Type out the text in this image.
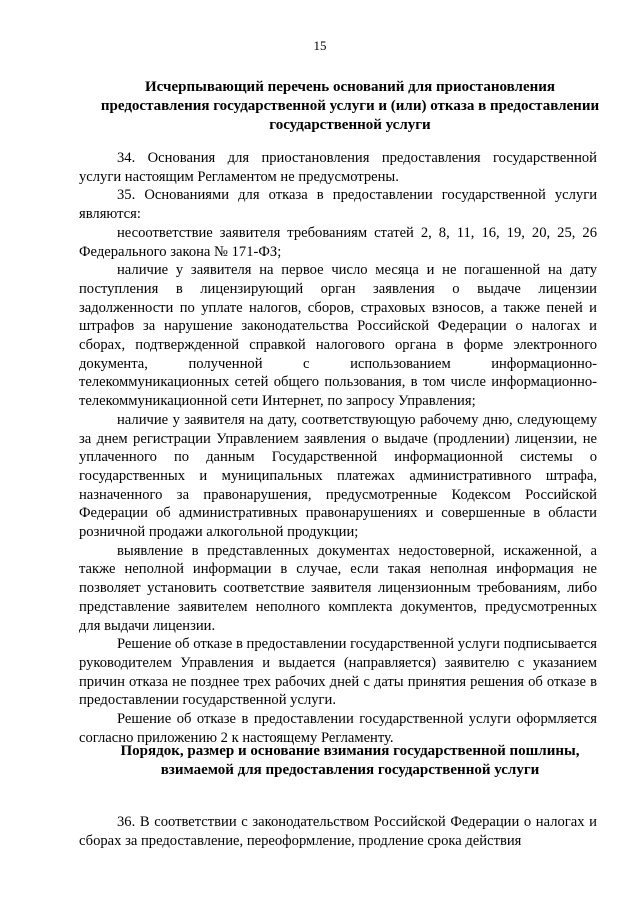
15
Исчерпывающий перечень оснований для приостановления предоставления государственной услуги и (или) отказа в предоставлении государственной услуги

34. Основания для приостановления предоставления государственной услуги настоящим Регламентом не предусмотрены.

35. Основаниями для отказа в предоставлении государственной услуги являются:

несоответствие заявителя требованиям статей 2, 8, 11, 16, 19, 20, 25, 26 Федерального закона № 171-ФЗ;

наличие у заявителя на первое число месяца и не погашенной на дату поступления в лицензирующий орган заявления о выдаче лицензии задолженности по уплате налогов, сборов, страховых взносов, а также пеней и штрафов за нарушение законодательства Российской Федерации о налогах и сборах, подтвержденной справкой налогового органа в форме электронного документа, полученной с использованием информационно-телекоммуникационных сетей общего пользования, в том числе информационно-телекоммуникационной сети Интернет, по запросу Управления;

наличие у заявителя на дату, соответствующую рабочему дню, следующему за днем регистрации Управлением заявления о выдаче (продлении) лицензии, не уплаченного по данным Государственной информационной системы о государственных и муниципальных платежах административного штрафа, назначенного за правонарушения, предусмотренные Кодексом Российской Федерации об административных правонарушениях и совершенные в области розничной продажи алкогольной продукции;

выявление в представленных документах недостоверной, искаженной, а также неполной информации в случае, если такая неполная информация не позволяет установить соответствие заявителя лицензионным требованиям, либо представление заявителем неполного комплекта документов, предусмотренных для выдачи лицензии.

Решение об отказе в предоставлении государственной услуги подписывается руководителем Управления и выдается (направляется) заявителю с указанием причин отказа не позднее трех рабочих дней с даты принятия решения об отказе в предоставлении государственной услуги.

Решение об отказе в предоставлении государственной услуги оформляется согласно приложению 2 к настоящему Регламенту.

Порядок, размер и основание взимания государственной пошлины, взимаемой для предоставления государственной услуги

36. В соответствии с законодательством Российской Федерации о налогах и сборах за предоставление, переоформление, продление срока действия
